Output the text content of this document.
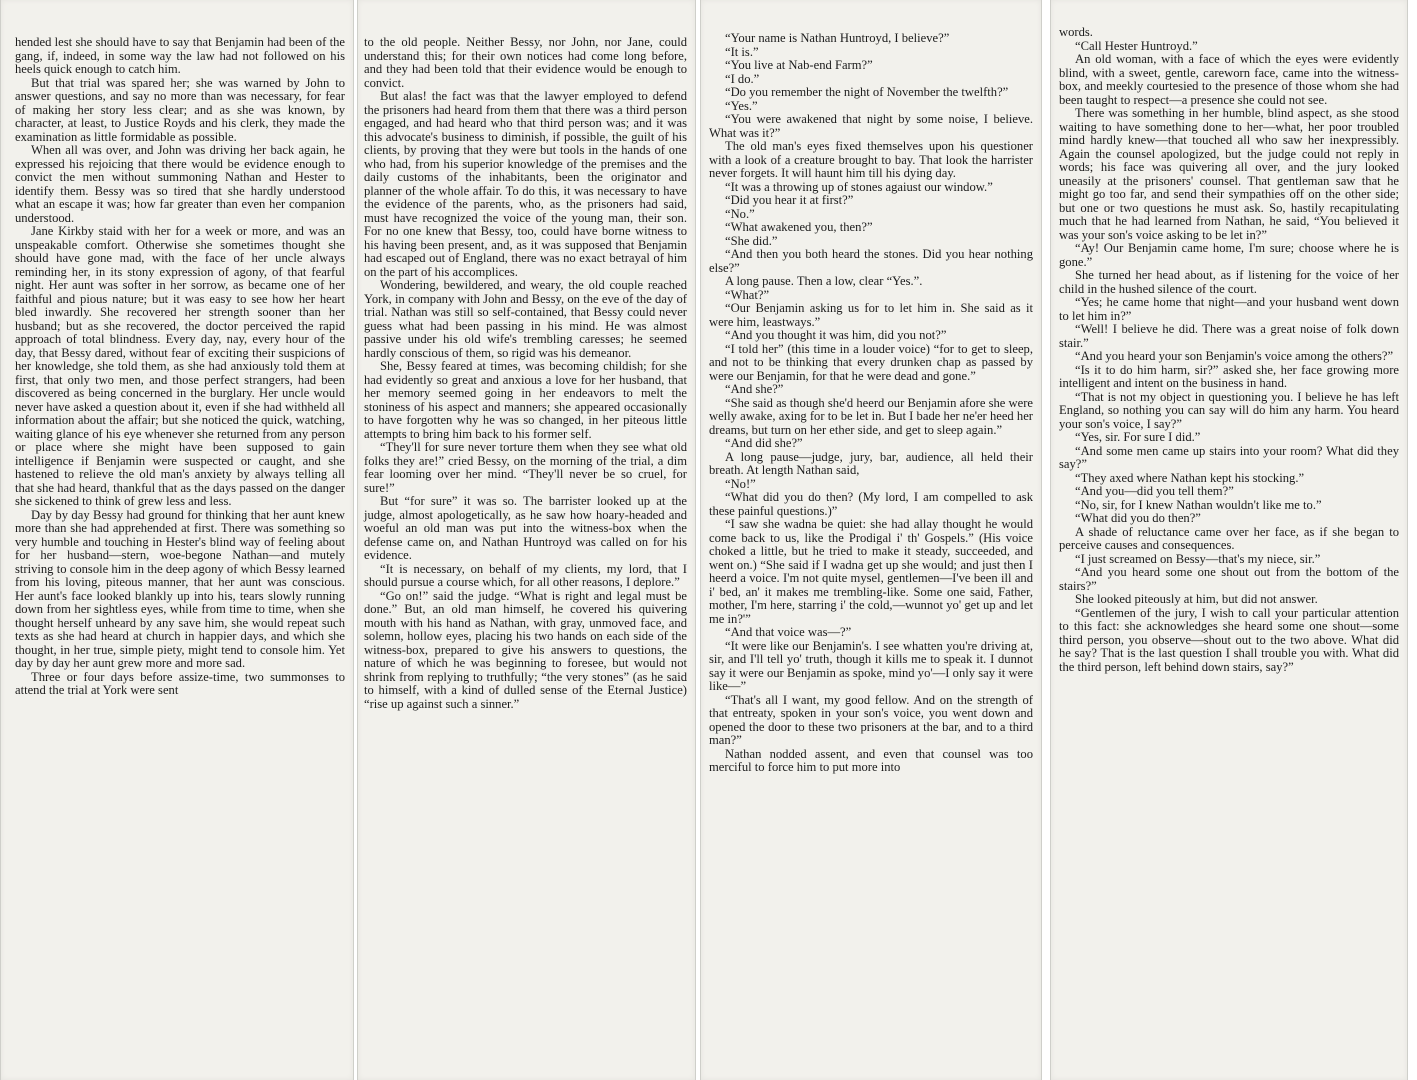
hended lest she should have to say that Benjamin had been of the gang, if, indeed, in some way the law had not followed on his heels quick enough to catch him.

But that trial was spared her; she was warned by John to answer questions, and say no more than was necessary, for fear of making her story less clear; and as she was known, by character, at least, to Justice Royds and his clerk, they made the examination as little formidable as possible.

When all was over, and John was driving her back again, he expressed his rejoicing that there would be evidence enough to convict the men without summoning Nathan and Hester to identify them. Bessy was so tired that she hardly understood what an escape it was; how far greater than even her companion understood.

Jane Kirkby staid with her for a week or more, and was an unspeakable comfort. Otherwise she sometimes thought she should have gone mad, with the face of her uncle always reminding her, in its stony expression of agony, of that fearful night. Her aunt was softer in her sorrow, as became one of her faithful and pious nature; but it was easy to see how her heart bled inwardly. She recovered her strength sooner than her husband; but as she recovered, the doctor perceived the rapid approach of total blindness. Every day, nay, every hour of the day, that Bessy dared, without fear of exciting their suspicions of her knowledge, she told them, as she had anxiously told them at first, that only two men, and those perfect strangers, had been discovered as being concerned in the burglary. Her uncle would never have asked a question about it, even if she had withheld all information about the affair; but she noticed the quick, watching, waiting glance of his eye whenever she returned from any person or place where she might have been supposed to gain intelligence if Benjamin were suspected or caught, and she hastened to relieve the old man's anxiety by always telling all that she had heard, thankful that as the days passed on the danger she sickened to think of grew less and less.

Day by day Bessy had ground for thinking that her aunt knew more than she had apprehended at first. There was something so very humble and touching in Hester's blind way of feeling about for her husband—stern, woe-begone Nathan—and mutely striving to console him in the deep agony of which Bessy learned from his loving, piteous manner, that her aunt was conscious. Her aunt's face looked blankly up into his, tears slowly running down from her sightless eyes, while from time to time, when she thought herself unheard by any save him, she would repeat such texts as she had heard at church in happier days, and which she thought, in her true, simple piety, might tend to console him. Yet day by day her aunt grew more and more sad.

Three or four days before assize-time, two summonses to attend the trial at York were sent

to the old people. Neither Bessy, nor John, nor Jane, could understand this; for their own notices had come long before, and they had been told that their evidence would be enough to convict.

But alas! the fact was that the lawyer employed to defend the prisoners had heard from them that there was a third person engaged, and had heard who that third person was; and it was this advocate's business to diminish, if possible, the guilt of his clients, by proving that they were but tools in the hands of one who had, from his superior knowledge of the premises and the daily customs of the inhabitants, been the originator and planner of the whole affair. To do this, it was necessary to have the evidence of the parents, who, as the prisoners had said, must have recognized the voice of the young man, their son. For no one knew that Bessy, too, could have borne witness to his having been present, and, as it was supposed that Benjamin had escaped out of England, there was no exact betrayal of him on the part of his accomplices.

Wondering, bewildered, and weary, the old couple reached York, in company with John and Bessy, on the eve of the day of trial. Nathan was still so self-contained, that Bessy could never guess what had been passing in his mind. He was almost passive under his old wife's trembling caresses; he seemed hardly conscious of them, so rigid was his demeanor.

She, Bessy feared at times, was becoming childish; for she had evidently so great and anxious a love for her husband, that her memory seemed going in her endeavors to melt the stoniness of his aspect and manners; she appeared occasionally to have forgotten why he was so changed, in her piteous little attempts to bring him back to his former self.

“They'll for sure never torture them when they see what old folks they are!” cried Bessy, on the morning of the trial, a dim fear looming over her mind. “They'll never be so cruel, for sure!”

But “for sure” it was so. The barrister looked up at the judge, almost apologetically, as he saw how hoary-headed and woeful an old man was put into the witness-box when the defense came on, and Nathan Huntroyd was called on for his evidence.

“It is necessary, on behalf of my clients, my lord, that I should pursue a course which, for all other reasons, I deplore.”

“Go on!” said the judge. “What is right and legal must be done.” But, an old man himself, he covered his quivering mouth with his hand as Nathan, with gray, unmoved face, and solemn, hollow eyes, placing his two hands on each side of the witness-box, prepared to give his answers to questions, the nature of which he was beginning to foresee, but would not shrink from replying to truthfully; “the very stones” (as he said to himself, with a kind of dulled sense of the Eternal Justice) “rise up against such a sinner.”

“Your name is Nathan Huntroyd, I believe?”

“It is.”

“You live at Nab-end Farm?”

“I do.”

“Do you remember the night of November the twelfth?”

“Yes.”

“You were awakened that night by some noise, I believe. What was it?”

The old man's eyes fixed themselves upon his questioner with a look of a creature brought to bay. That look the harrister never forgets. It will haunt him till his dying day.

“It was a throwing up of stones agaiust our window.”

“Did you hear it at first?”

“No.”

“What awakened you, then?”

“She did.”

“And then you both heard the stones. Did you hear nothing else?”

A long pause. Then a low, clear “Yes.”.

“What?”

“Our Benjamin asking us for to let him in. She said as it were him, leastways.”

“And you thought it was him, did you not?”

“I told her” (this time in a louder voice) “for to get to sleep, and not to be thinking that every drunken chap as passed by were our Benjamin, for that he were dead and gone.”

“And she?”

“She said as though she'd heerd our Benjamin afore she were welly awake, axing for to be let in. But I bade her ne'er heed her dreams, but turn on her ether side, and get to sleep again.”

“And did she?”

A long pause—judge, jury, bar, audience, all held their breath. At length Nathan said,

“No!”

“What did you do then? (My lord, I am compelled to ask these painful questions.)”

“I saw she wadna be quiet: she had allay thought he would come back to us, like the Prodigal i' th' Gospels.” (His voice choked a little, but he tried to make it steady, succeeded, and went on.) “She said if I wadna get up she would; and just then I heerd a voice. I'm not quite mysel, gentlemen—I've been ill and i' bed, an' it makes me trembling-like. Some one said, Father, mother, I'm here, starring i' the cold,—wunnot yo' get up and let me in?'”

“And that voice was—?”

“It were like our Benjamin's. I see whatten you're driving at, sir, and I'll tell yo' truth, though it kills me to speak it. I dunnot say it were our Benjamin as spoke, mind yo'—I only say it were like—”

“That's all I want, my good fellow. And on the strength of that entreaty, spoken in your son's voice, you went down and opened the door to these two prisoners at the bar, and to a third man?”

Nathan nodded assent, and even that counsel was too merciful to force him to put more into

words.

“Call Hester Huntroyd.”

An old woman, with a face of which the eyes were evidently blind, with a sweet, gentle, careworn face, came into the witness-box, and meekly courtesied to the presence of those whom she had been taught to respect—a presence she could not see.

There was something in her humble, blind aspect, as she stood waiting to have something done to her—what, her poor troubled mind hardly knew—that touched all who saw her inexpressibly. Again the counsel apologized, but the judge could not reply in words; his face was quivering all over, and the jury looked uneasily at the prisoners' counsel. That gentleman saw that he might go too far, and send their sympathies off on the other side; but one or two questions he must ask. So, hastily recapitulating much that he had learned from Nathan, he said, “You believed it was your son's voice asking to be let in?”

“Ay! Our Benjamin came home, I'm sure; choose where he is gone.”

She turned her head about, as if listening for the voice of her child in the hushed silence of the court.

“Yes; he came home that night—and your husband went down to let him in?”

“Well! I believe he did. There was a great noise of folk down stair.”

“And you heard your son Benjamin's voice among the others?”

“Is it to do him harm, sir?” asked she, her face growing more intelligent and intent on the business in hand.

“That is not my object in questioning you. I believe he has left England, so nothing you can say will do him any harm. You heard your son's voice, I say?”

“Yes, sir. For sure I did.”

“And some men came up stairs into your room? What did they say?”

“They axed where Nathan kept his stocking.”

“And you—did you tell them?”

“No, sir, for I knew Nathan wouldn't like me to.”

“What did you do then?”

A shade of reluctance came over her face, as if she began to perceive causes and consequences.

“I just screamed on Bessy—that's my niece, sir.”

“And you heard some one shout out from the bottom of the stairs?”

She looked piteously at him, but did not answer.

“Gentlemen of the jury, I wish to call your particular attention to this fact: she acknowledges she heard some one shout—some third person, you observe—shout out to the two above. What did he say? That is the last question I shall trouble you with. What did the third person, left behind down stairs, say?”
